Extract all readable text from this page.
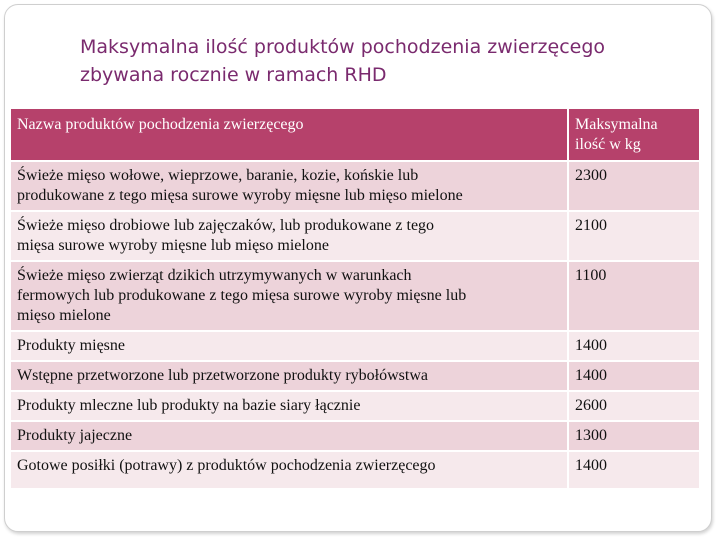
Maksymalna ilość produktów pochodzenia zwierzęcego
zbywana rocznie w ramach RHD
Nazwa produktów pochodzenia zwierzęcego	Maksymalna
ilość w kg

Świeże mięso wołowe, wieprzowe, baranie, kozie, końskie lub
produkowane z tego mięsa surowe wyroby mięsne lub mięso mielone	2300

Świeże mięso drobiowe lub zajęczaków, lub produkowane z tego
mięsa surowe wyroby mięsne lub mięso mielone	2100

Świeże mięso zwierząt dzikich utrzymywanych w warunkach
fermowych lub produkowane z tego mięsa surowe wyroby mięsne lub
mięso mielone	1100
Produkty mięsne	1400
Wstępne przetworzone lub przetworzone produkty rybołówstwa	1400
Produkty mleczne lub produkty na bazie siary łącznie	2600
Produkty jajeczne	1300
Gotowe posiłki (potrawy) z produktów pochodzenia zwierzęcego	1400
